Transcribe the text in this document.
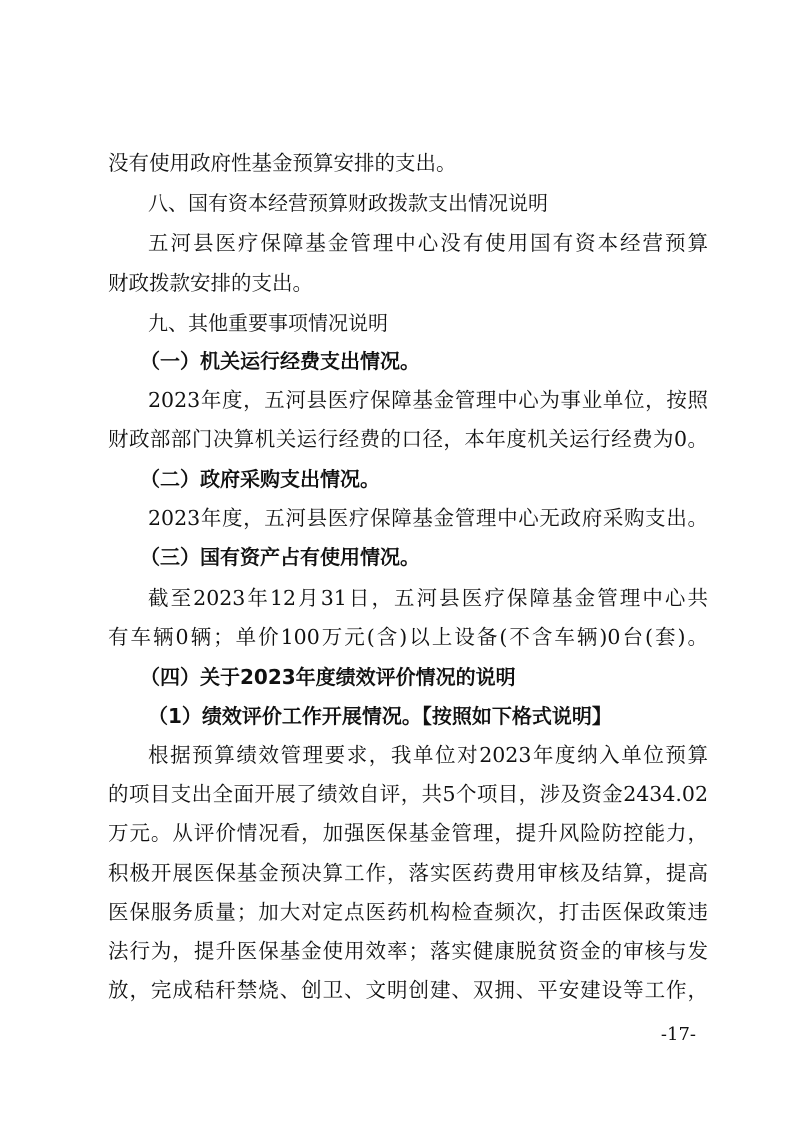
没有使用政府性基金预算安排的支出。
八、国有资本经营预算财政拨款支出情况说明
五河县医疗保障基金管理中心没有使用国有资本经营预算
财政拨款安排的支出。
九、其他重要事项情况说明
（一）机关运行经费支出情况。
2023年度，五河县医疗保障基金管理中心为事业单位，按照
财政部部门决算机关运行经费的口径，本年度机关运行经费为0。
（二）政府采购支出情况。
2023年度，五河县医疗保障基金管理中心无政府采购支出。
（三）国有资产占有使用情况。
截至2023年12月31日，五河县医疗保障基金管理中心共
有车辆0辆；单价100万元(含)以上设备(不含车辆)0台(套)。
（四）关于2023年度绩效评价情况的说明
（1）绩效评价工作开展情况。【按照如下格式说明】
根据预算绩效管理要求，我单位对2023年度纳入单位预算
的项目支出全面开展了绩效自评，共5个项目，涉及资金2434.02
万元。从评价情况看，加强医保基金管理，提升风险防控能力，
积极开展医保基金预决算工作，落实医药费用审核及结算，提高
医保服务质量；加大对定点医药机构检查频次，打击医保政策违
法行为，提升医保基金使用效率；落实健康脱贫资金的审核与发
放，完成秸秆禁烧、创卫、文明创建、双拥、平安建设等工作，
-17-
